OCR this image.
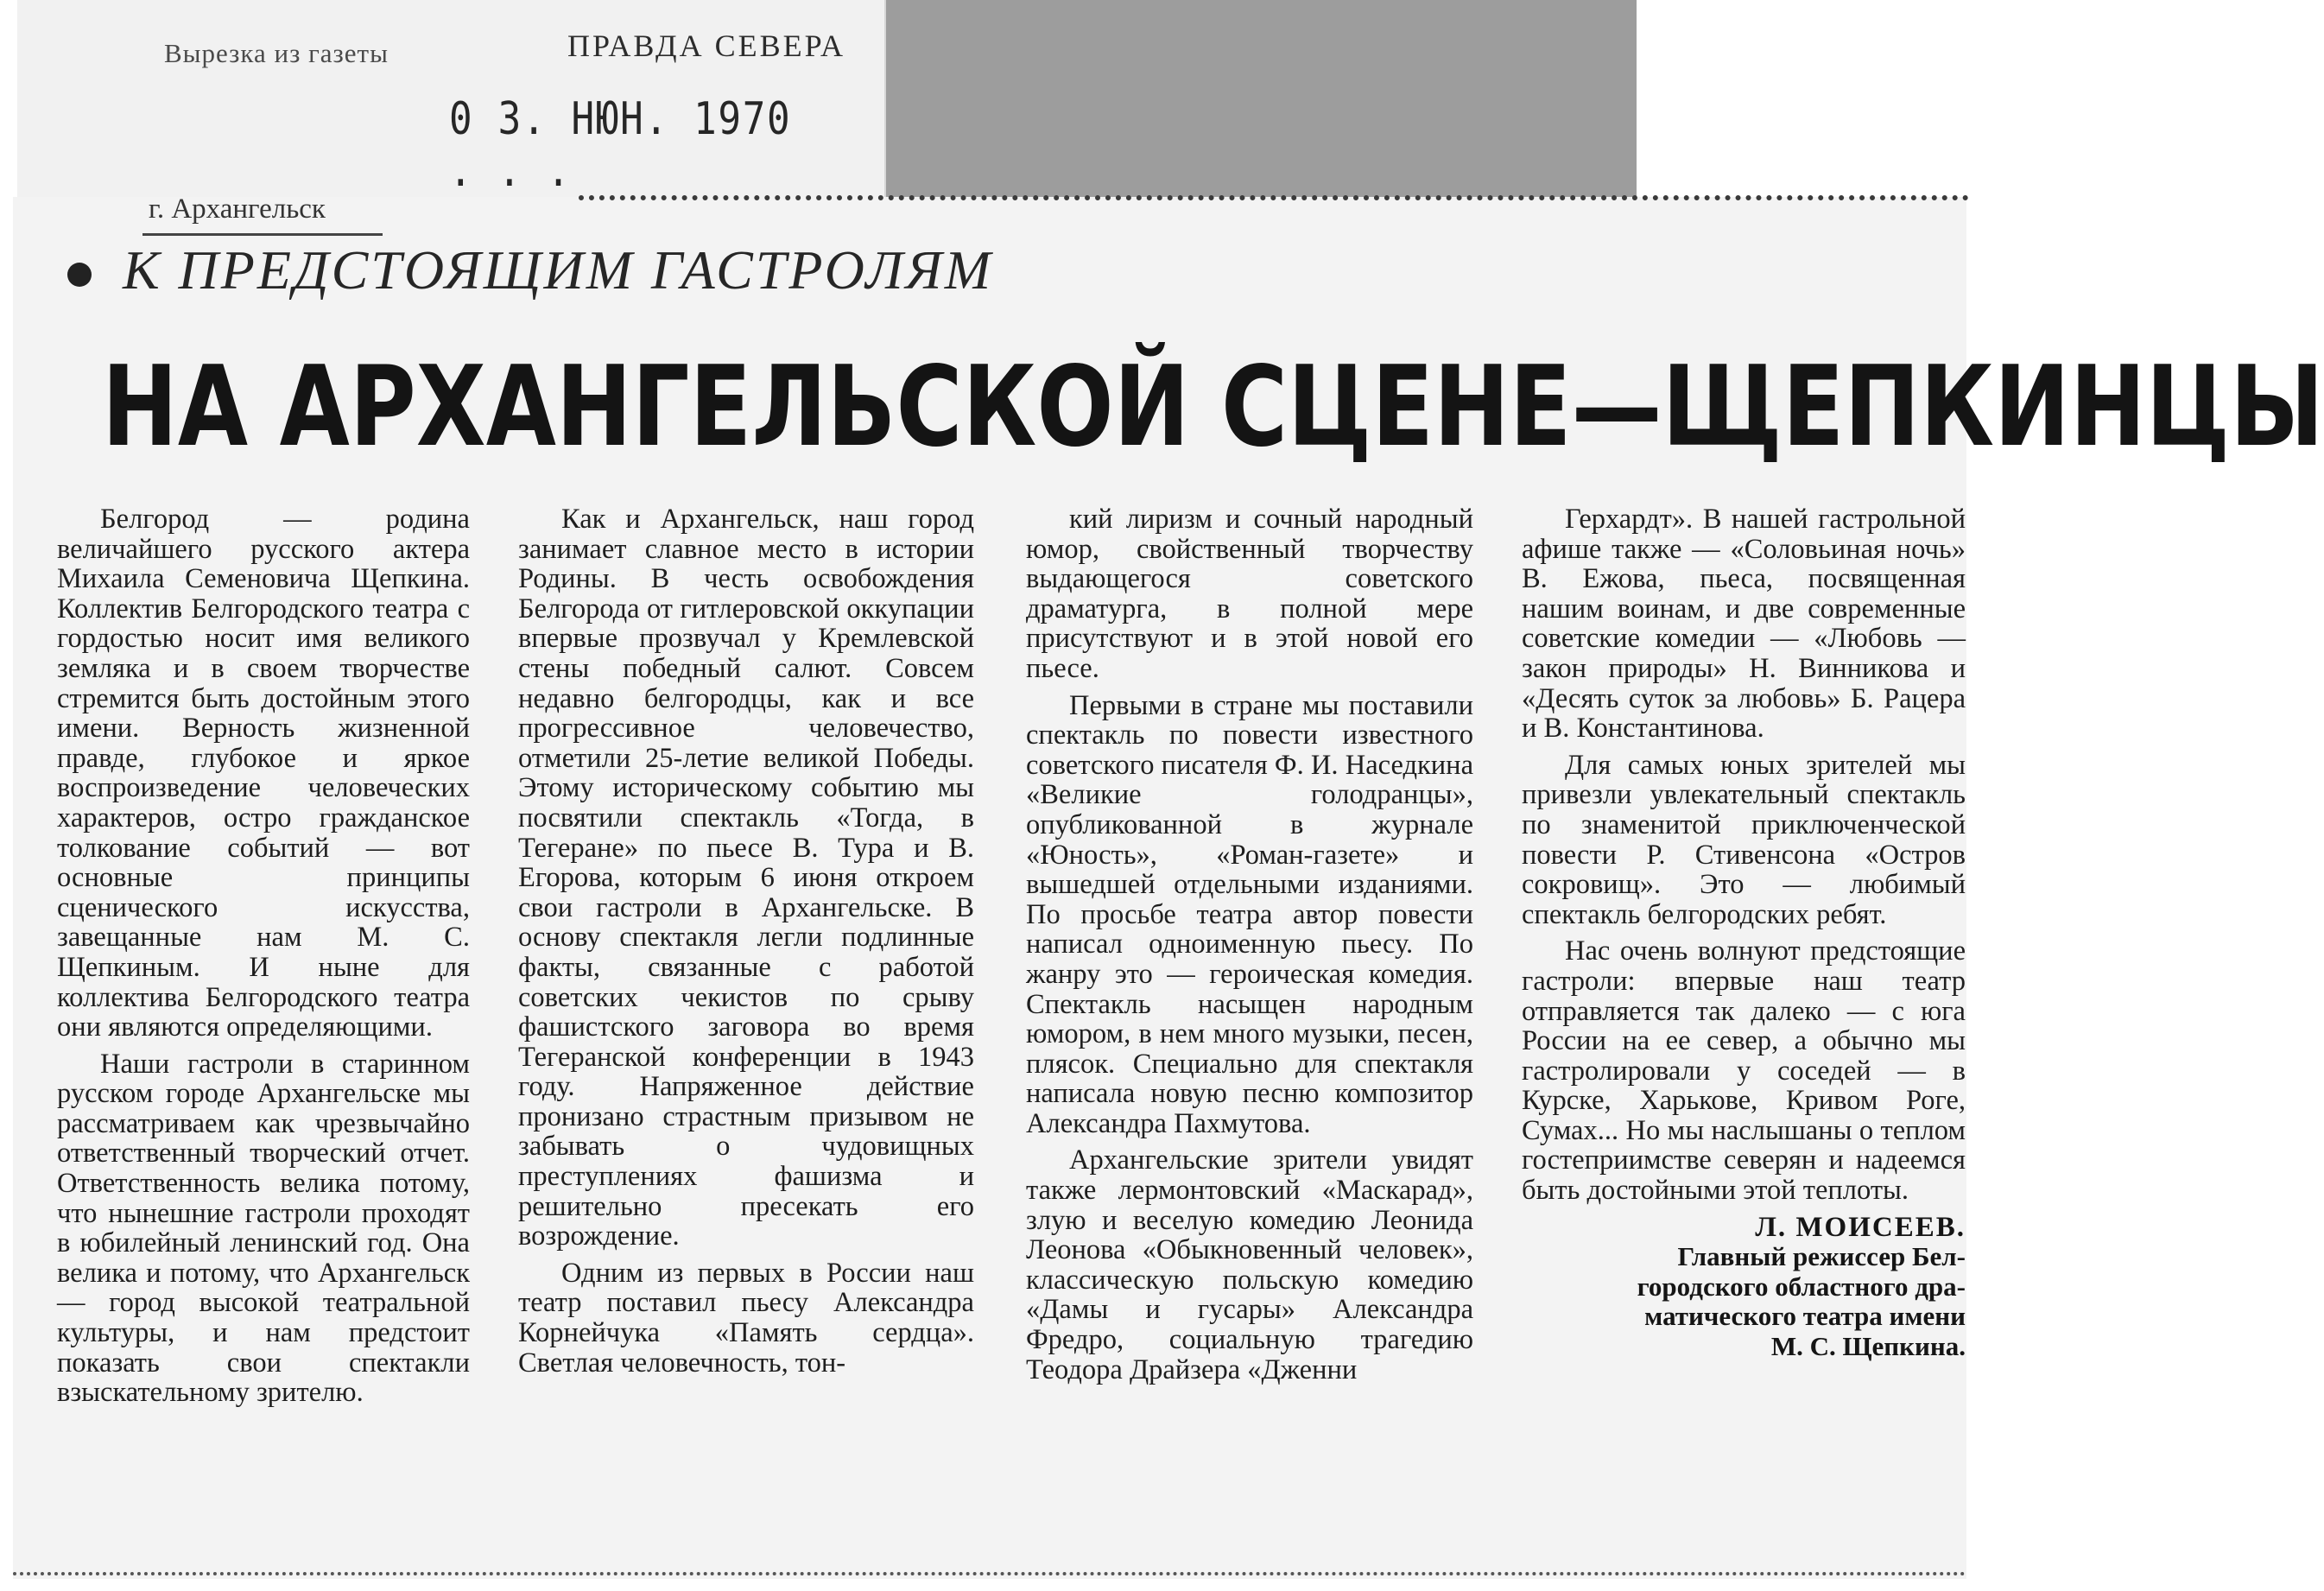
Вырезка из газеты	ПРАВДА СЕВЕРА
0 3. НЮН. 1970 . . .
г. Архангельск
К ПРЕДСТОЯЩИМ ГАСТРОЛЯМ
НА АРХАНГЕЛЬСКОЙ СЦЕНЕ—ЩЕПКИНЦЫ

Белгород — родина величайшего русского актера Михаила Семеновича Щепкина. Коллектив Белгородского театра с гордостью носит имя великого земляка и в своем творчестве стремится быть достойным этого имени. Верность жизненной правде, глубокое и яркое воспроизведение человеческих характеров, остро гражданское толкование событий — вот основные принципы сценического искусства, завещанные нам М. С. Щепкиным. И ныне для коллектива Белгородского театра они являются определяющими.

Наши гастроли в старинном русском городе Архангельске мы рассматриваем как чрезвычайно ответственный творческий отчет. Ответственность велика потому, что нынешние гастроли проходят в юбилейный ленинский год. Она велика и потому, что Архангельск — город высокой театральной культуры, и нам предстоит показать свои спектакли взыскательному зрителю.

Как и Архангельск, наш город занимает славное место в истории Родины. В честь освобождения Белгорода от гитлеровской оккупации впервые прозвучал у Кремлевской стены победный салют. Совсем недавно белгородцы, как и все прогрессивное человечество, отметили 25-летие великой Победы. Этому историческому событию мы посвятили спектакль «Тогда, в Тегеране» по пьесе В. Тура и В. Егорова, которым 6 июня откроем свои гастроли в Архангельске. В основу спектакля легли подлинные факты, связанные с работой советских чекистов по срыву фашистского заговора во время Тегеранской конференции в 1943 году. Напряженное действие пронизано страстным призывом не забывать о чудовищных преступлениях фашизма и решительно пресекать его возрождение.

Одним из первых в России наш театр поставил пьесу Александра Корнейчука «Память сердца». Светлая человечность, тон-

кий лиризм и сочный народный юмор, свойственный творчеству выдающегося советского драматурга, в полной мере присутствуют и в этой новой его пьесе.

Первыми в стране мы поставили спектакль по повести известного советского писателя Ф. И. Наседкина «Великие голодранцы», опубликованной в журнале «Юность», «Роман-газете» и вышедшей отдельными изданиями. По просьбе театра автор повести написал одноименную пьесу. По жанру это — героическая комедия. Спектакль насыщен народным юмором, в нем много музыки, песен, плясок. Специально для спектакля написала новую песню композитор Александра Пахмутова.

Архангельские зрители увидят также лермонтовский «Маскарад», злую и веселую комедию Леонида Леонова «Обыкновенный человек», классическую польскую комедию «Дамы и гусары» Александра Фредро, социальную трагедию Теодора Драйзера «Дженни

Герхардт». В нашей гастрольной афише также — «Соловьиная ночь» В. Ежова, пьеса, посвященная нашим воинам, и две современные советские комедии — «Любовь — закон природы» Н. Винникова и «Десять суток за любовь» Б. Рацера и В. Константинова.

Для самых юных зрителей мы привезли увлекательный спектакль по знаменитой приключенческой повести Р. Стивенсона «Остров сокровищ». Это — любимый спектакль белгородских ребят.

Нас очень волнуют предстоящие гастроли: впервые наш театр отправляется так далеко — с юга России на ее север, а обычно мы гастролировали у соседей — в Курске, Харькове, Кривом Роге, Сумах... Но мы наслышаны о теплом гостеприимстве северян и надеемся быть достойными этой теплоты.

Л. МОИСЕЕВ.
Главный режиссер Бел-
городского областного дра-
матического театра имени
М. С. Щепкина.
